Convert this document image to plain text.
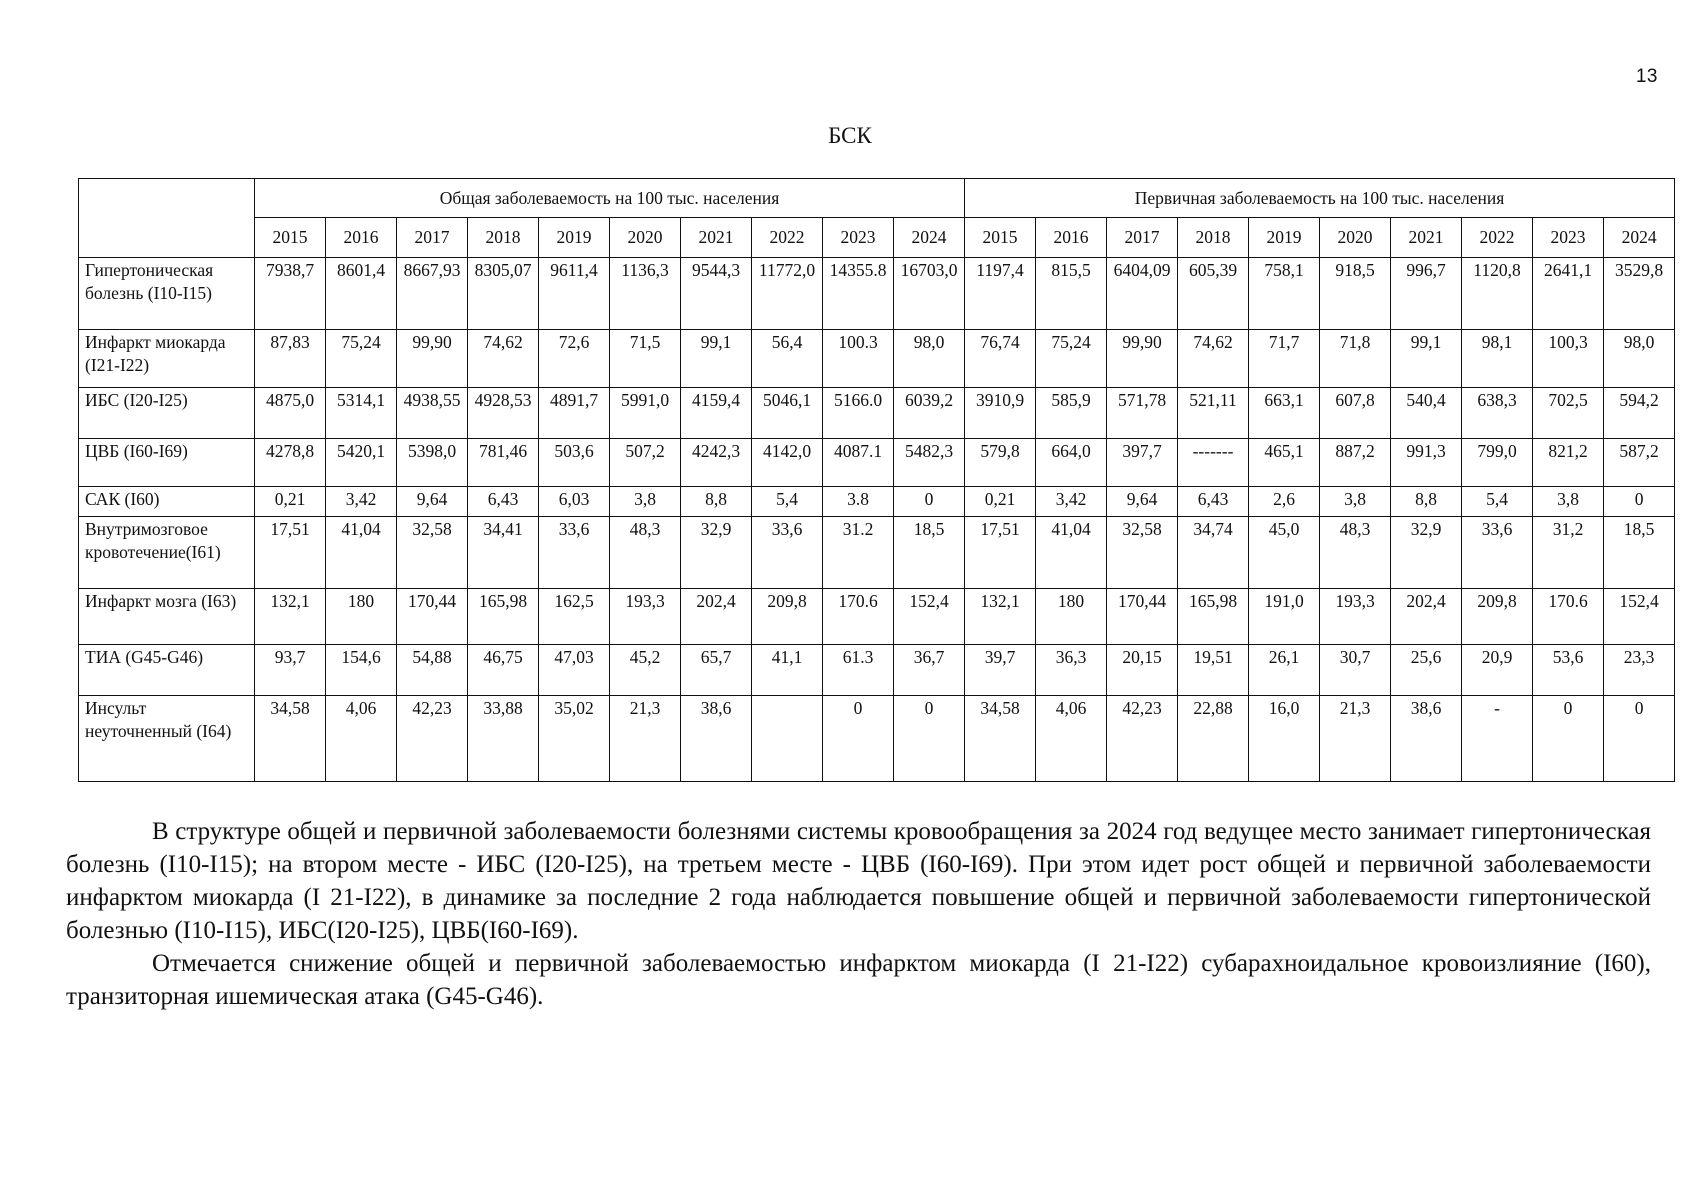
13
БСК
	Общая заболеваемость на 100 тыс. населения										Первичная заболеваемость на 100 тыс. населения									
	2015	2016	2017	2018	2019	2020	2021	2022	2023	2024	2015	2016	2017	2018	2019	2020	2021	2022	2023	2024
Гипертоническая болезнь (I10-I15)	7938,7	8601,4	8667,93	8305,07	9611,4	1136,3	9544,3	11772,0	14355.8	16703,0	1197,4	815,5	6404,09	605,39	758,1	918,5	996,7	1120,8	2641,1	3529,8
Инфаркт миокарда (I21-I22)	87,83	75,24	99,90	74,62	72,6	71,5	99,1	56,4	100.3	98,0	76,74	75,24	99,90	74,62	71,7	71,8	99,1	98,1	100,3	98,0
ИБС (I20-I25)	4875,0	5314,1	4938,55	4928,53	4891,7	5991,0	4159,4	5046,1	5166.0	6039,2	3910,9	585,9	571,78	521,11	663,1	607,8	540,4	638,3	702,5	594,2
ЦВБ (I60-I69)	4278,8	5420,1	5398,0	781,46	503,6	507,2	4242,3	4142,0	4087.1	5482,3	579,8	664,0	397,7	-------	465,1	887,2	991,3	799,0	821,2	587,2
САК (I60)	0,21	3,42	9,64	6,43	6,03	3,8	8,8	5,4	3.8	0	0,21	3,42	9,64	6,43	2,6	3,8	8,8	5,4	3,8	0
Внутримозговое кровотечение(I61)	17,51	41,04	32,58	34,41	33,6	48,3	32,9	33,6	31.2	18,5	17,51	41,04	32,58	34,74	45,0	48,3	32,9	33,6	31,2	18,5
Инфаркт мозга (I63)	132,1	180	170,44	165,98	162,5	193,3	202,4	209,8	170.6	152,4	132,1	180	170,44	165,98	191,0	193,3	202,4	209,8	170.6	152,4
ТИА (G45-G46)	93,7	154,6	54,88	46,75	47,03	45,2	65,7	41,1	61.3	36,7	39,7	36,3	20,15	19,51	26,1	30,7	25,6	20,9	53,6	23,3
Инсульт неуточненный (I64)	34,58	4,06	42,23	33,88	35,02	21,3	38,6		0	0	34,58	4,06	42,23	22,88	16,0	21,3	38,6	-	0	0

В структуре общей и первичной заболеваемости болезнями системы кровообращения за 2024 год ведущее место занимает гипертоническая болезнь (I10-I15); на втором месте - ИБС (I20-I25), на третьем месте - ЦВБ (I60-I69). При этом идет рост общей и первичной заболеваемости инфарктом миокарда (I 21-I22), в динамике за последние 2 года наблюдается повышение общей и первичной заболеваемости гипертонической болезнью (I10-I15), ИБС(I20-I25), ЦВБ(I60-I69).

Отмечается снижение общей и первичной заболеваемостью инфарктом миокарда (I 21-I22) субарахноидальное кровоизлияние (I60), транзиторная ишемическая атака (G45-G46).
